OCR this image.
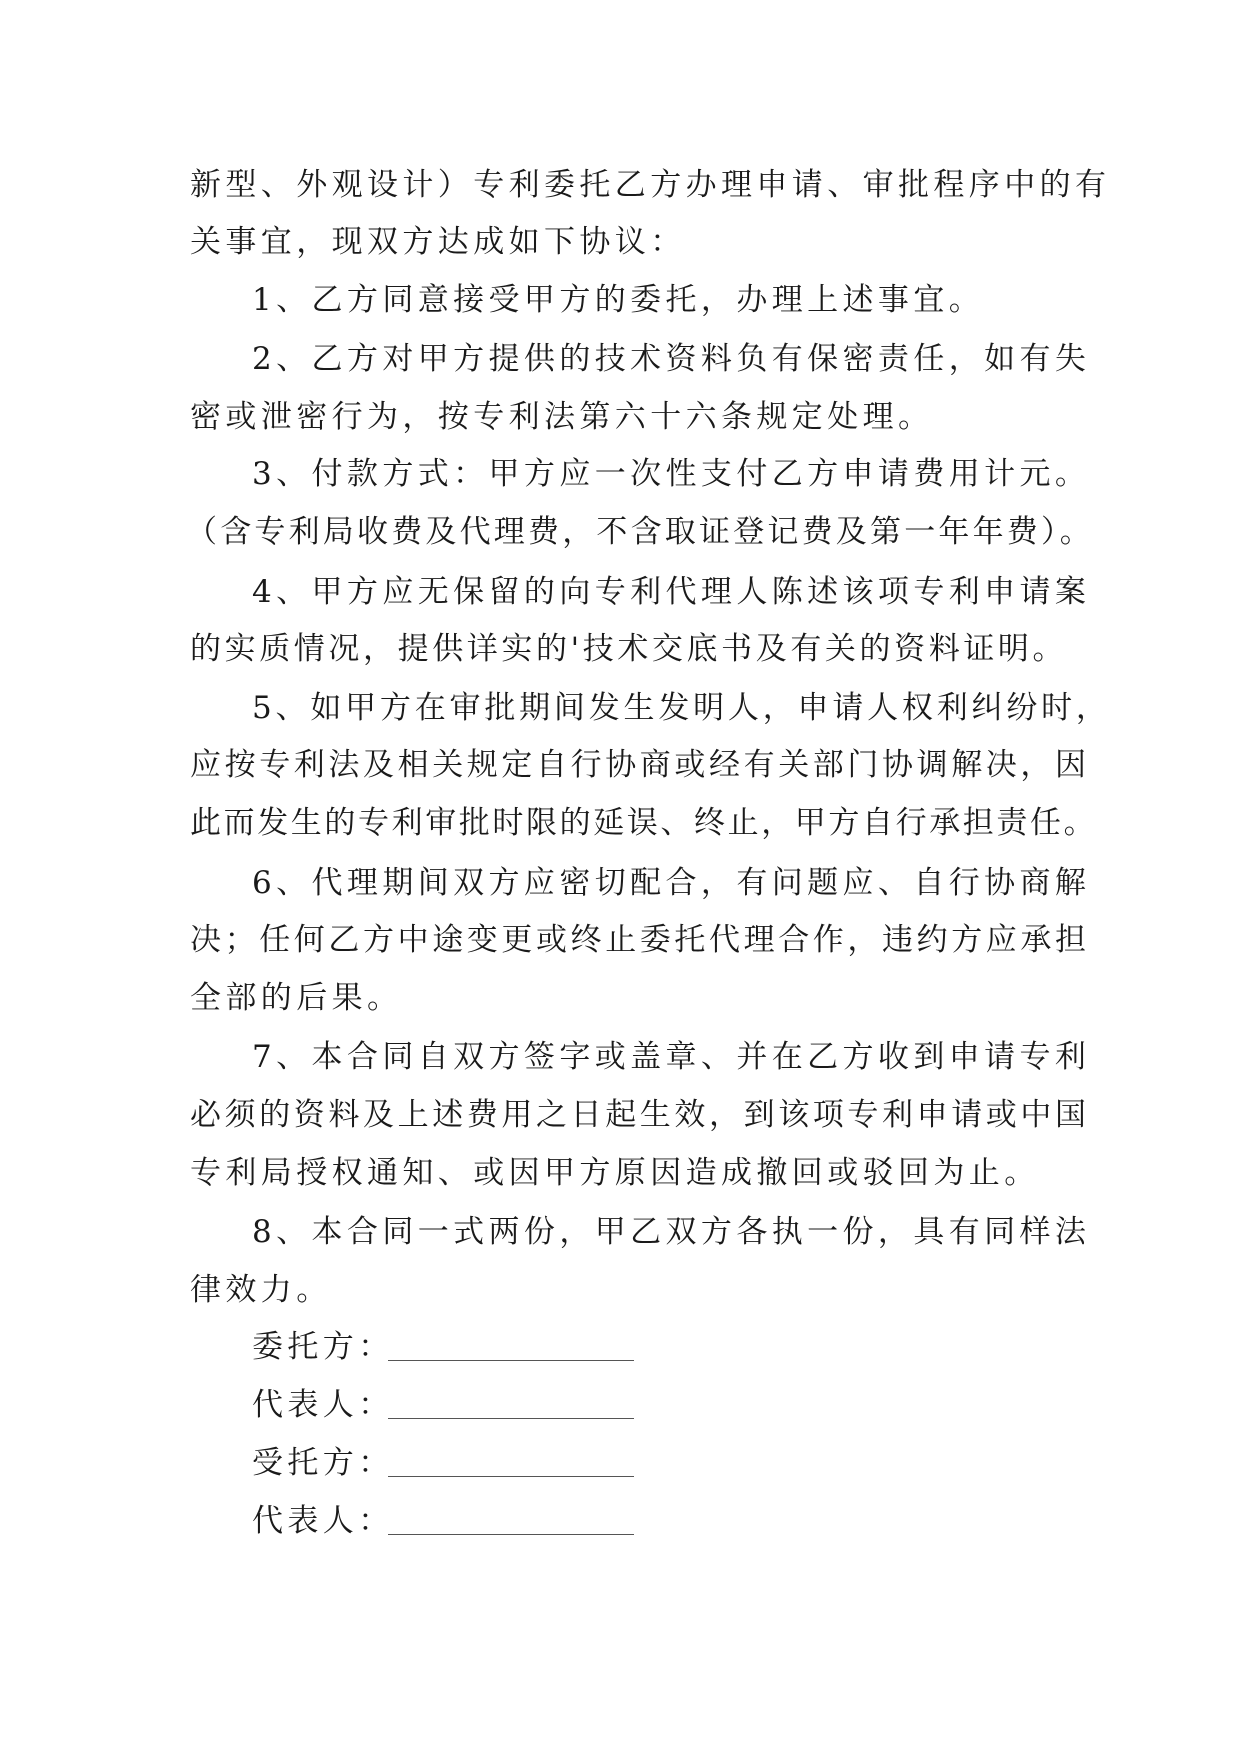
新型、外观设计）专利委托乙方办理申请、审批程序中的有
关事宜，现双方达成如下协议：
1、乙方同意接受甲方的委托，办理上述事宜。
2、乙方对甲方提供的技术资料负有保密责任，如有失
密或泄密行为，按专利法第六十六条规定处理。
3、付款方式：甲方应一次性支付乙方申请费用计元。
（含专利局收费及代理费，不含取证登记费及第一年年费）。
4、甲方应无保留的向专利代理人陈述该项专利申请案
的实质情况，提供详实的'技术交底书及有关的资料证明。
5、如甲方在审批期间发生发明人，申请人权利纠纷时，
应按专利法及相关规定自行协商或经有关部门协调解决，因
此而发生的专利审批时限的延误、终止，甲方自行承担责任。
6、代理期间双方应密切配合，有问题应、自行协商解
决；任何乙方中途变更或终止委托代理合作，违约方应承担
全部的后果。
7、本合同自双方签字或盖章、并在乙方收到申请专利
必须的资料及上述费用之日起生效，到该项专利申请或中国
专利局授权通知、或因甲方原因造成撤回或驳回为止。
8、本合同一式两份，甲乙双方各执一份，具有同样法
律效力。
委托方：
代表人：
受托方：
代表人：
